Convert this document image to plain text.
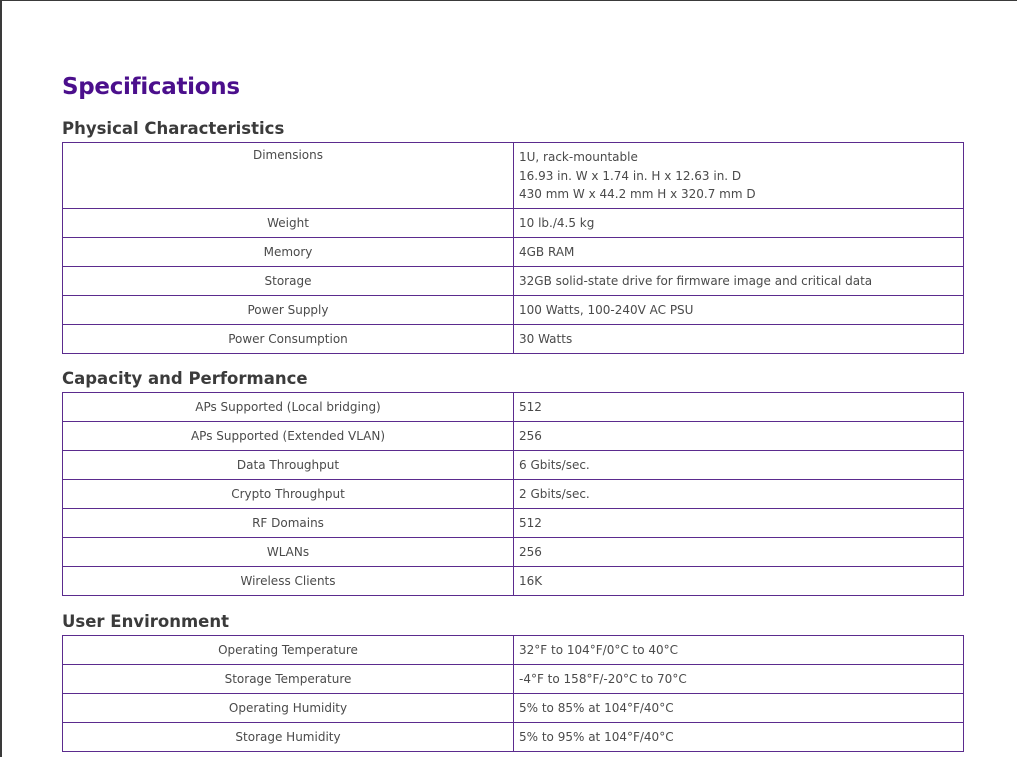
Specifications
Physical Characteristics
Dimensions	1U, rack-mountable
16.93 in. W x 1.74 in. H x 12.63 in. D
430 mm W x 44.2 mm H x 320.7 mm D

Weight	10 lb./4.5 kg
Memory	4GB RAM
Storage	32GB solid-state drive for firmware image and critical data
Power Supply	100 Watts, 100-240V AC PSU
Power Consumption	30 Watts
Capacity and Performance
APs Supported (Local bridging)	512
APs Supported (Extended VLAN)	256
Data Throughput	6 Gbits/sec.
Crypto Throughput	2 Gbits/sec.
RF Domains	512
WLANs	256
Wireless Clients	16K
User Environment
Operating Temperature	32°F to 104°F/0°C to 40°C
Storage Temperature	-4°F to 158°F/-20°C to 70°C
Operating Humidity	5% to 85% at 104°F/40°C
Storage Humidity	5% to 95% at 104°F/40°C
